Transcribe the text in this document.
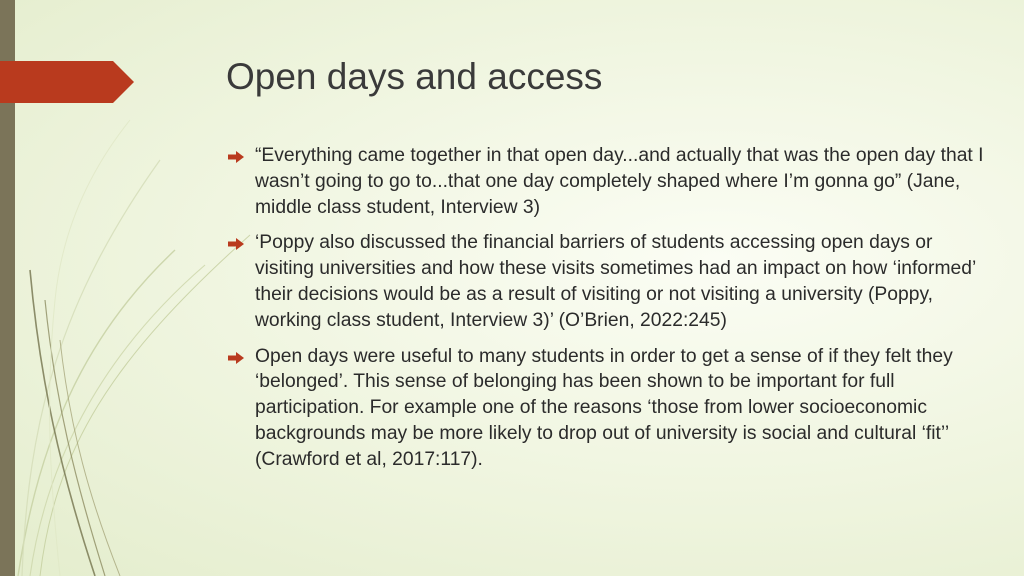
Open days and access
“Everything came together in that open day...and actually that was the open day that I wasn’t going to go to...that one day completely shaped where I’m gonna go” (Jane, middle class student, Interview 3)
‘Poppy also discussed the financial barriers of students accessing open days or visiting universities and how these visits sometimes had an impact on how ‘informed’ their decisions would be as a result of visiting or not visiting a university (Poppy, working class student, Interview 3)’ (O’Brien, 2022:245)
Open days were useful to many students in order to get a sense of if they felt they ‘belonged’. This sense of belonging has been shown to be important for full participation. For example one of the reasons ‘those from lower socioeconomic backgrounds may be more likely to drop out of university is social and cultural ‘fit’’ (Crawford et al, 2017:117).
